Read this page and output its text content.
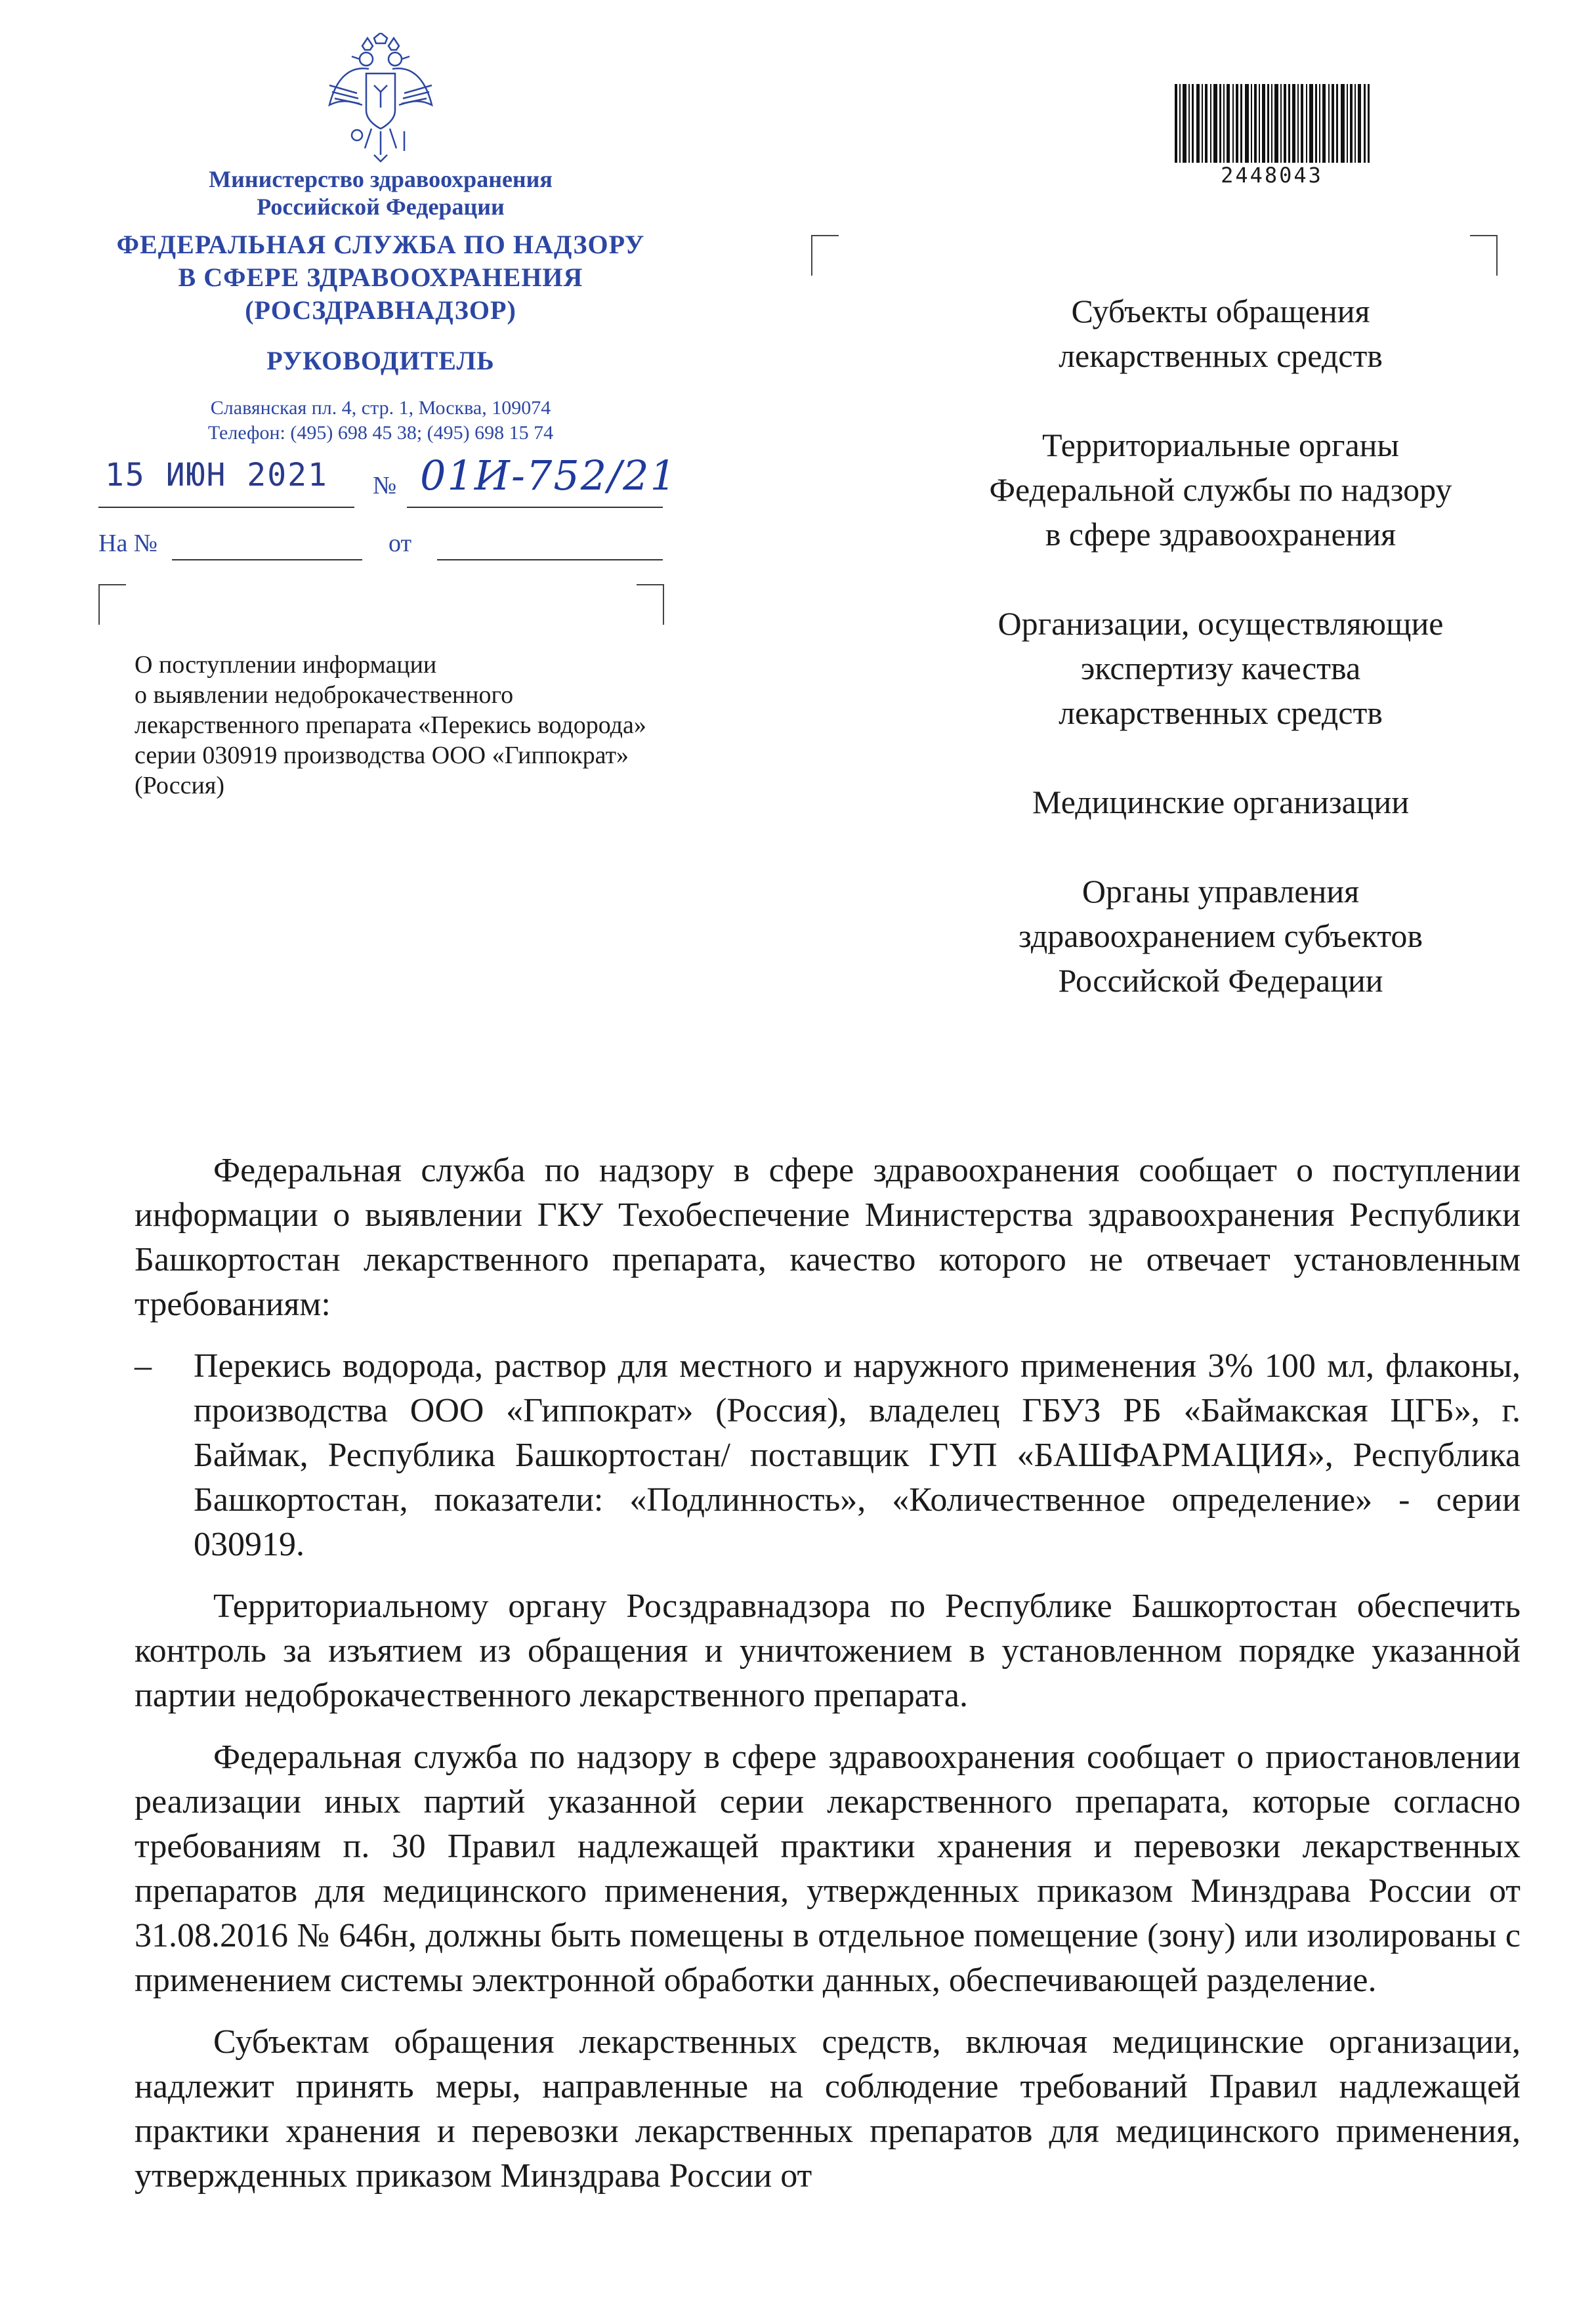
Министерство здравоохранения
Российской Федерации
ФЕДЕРАЛЬНАЯ СЛУЖБА ПО НАДЗОРУ
В СФЕРЕ ЗДРАВООХРАНЕНИЯ
(РОСЗДРАВНАДЗОР)
РУКОВОДИТЕЛЬ
Славянская пл. 4, стр. 1, Москва, 109074
Телефон: (495) 698 45 38; (495) 698 15 74
15 ИЮН 2021 № 01И-752/21
На №	от
О поступлении информации
о выявлении недоброкачественного
лекарственного препарата «Перекись водорода»
серии 030919 производства ООО «Гиппократ»
(Россия)
2448043
Субъекты обращения
лекарственных средств
Территориальные органы
Федеральной службы по надзору
в сфере здравоохранения
Организации, осуществляющие
экспертизу качества
лекарственных средств
Медицинские организации
Органы управления
здравоохранением субъектов
Российской Федерации

Федеральная служба по надзору в сфере здравоохранения сообщает о поступлении информации о выявлении ГКУ Техобеспечение Министерства здравоохранения Республики Башкортостан лекарственного препарата, качество которого не отвечает установленным требованиям:

–	Перекись водорода, раствор для местного и наружного применения 3% 100 мл, флаконы, производства ООО «Гиппократ» (Россия), владелец ГБУЗ РБ «Баймакская ЦГБ», г. Баймак, Республика Башкортостан/ поставщик ГУП «БАШФАРМАЦИЯ», Республика Башкортостан, показатели: «Подлинность», «Количественное определение» - серии 030919.

Территориальному органу Росздравнадзора по Республике Башкортостан обеспечить контроль за изъятием из обращения и уничтожением в установленном порядке указанной партии недоброкачественного лекарственного препарата.

Федеральная служба по надзору в сфере здравоохранения сообщает о приостановлении реализации иных партий указанной серии лекарственного препарата, которые согласно требованиям п. 30 Правил надлежащей практики хранения и перевозки лекарственных препаратов для медицинского применения, утвержденных приказом Минздрава России от 31.08.2016 № 646н, должны быть помещены в отдельное помещение (зону) или изолированы с применением системы электронной обработки данных, обеспечивающей разделение.

Субъектам обращения лекарственных средств, включая медицинские организации, надлежит принять меры, направленные на соблюдение требований Правил надлежащей практики хранения и перевозки лекарственных препаратов для медицинского применения, утвержденных приказом Минздрава России от
